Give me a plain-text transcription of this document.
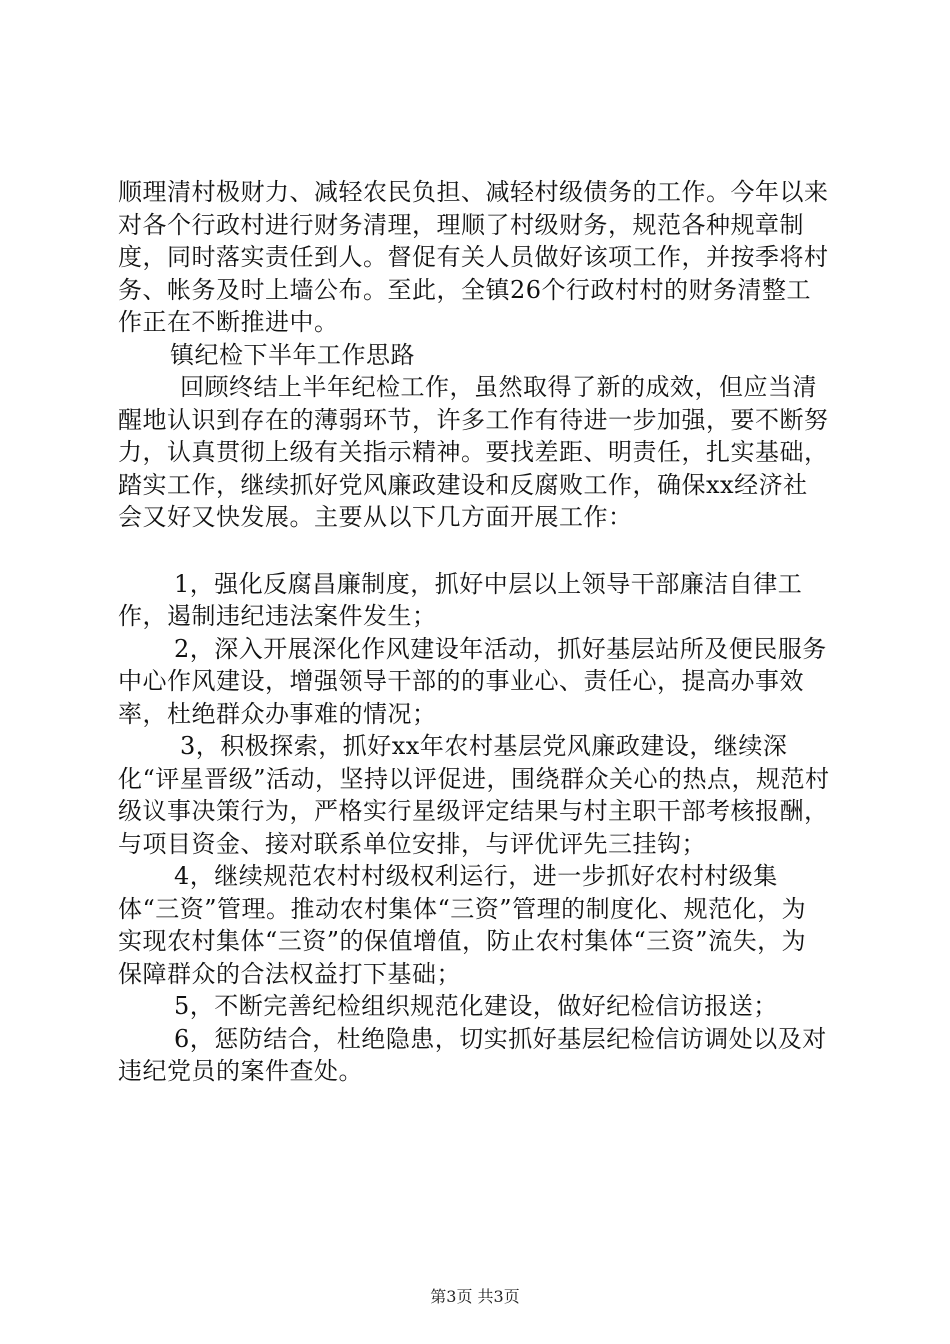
顺理清村极财力、减轻农民负担、减轻村级债务的工作。今年以来对各个行政村进行财务清理，理顺了村级财务，规范各种规章制度，同时落实责任到人。督促有关人员做好该项工作，并按季将村务、帐务及时上墙公布。至此，全镇26个行政村村的财务清整工作正在不断推进中。

镇纪检下半年工作思路

回顾终结上半年纪检工作，虽然取得了新的成效，但应当清醒地认识到存在的薄弱环节，许多工作有待进一步加强，要不断努力，认真贯彻上级有关指示精神。要找差距、明责任，扎实基础，踏实工作，继续抓好党风廉政建设和反腐败工作，确保xx经济社会又好又快发展。主要从以下几方面开展工作：

1，强化反腐昌廉制度，抓好中层以上领导干部廉洁自律工作，遏制违纪违法案件发生；

2，深入开展深化作风建设年活动，抓好基层站所及便民服务中心作风建设，增强领导干部的的事业心、责任心，提高办事效率，杜绝群众办事难的情况；

3，积极探索，抓好xx年农村基层党风廉政建设，继续深化“评星晋级”活动，坚持以评促进，围绕群众关心的热点，规范村级议事决策行为，严格实行星级评定结果与村主职干部考核报酬，与项目资金、接对联系单位安排，与评优评先三挂钩；

4，继续规范农村村级权利运行，进一步抓好农村村级集体“三资”管理。推动农村集体“三资”管理的制度化、规范化，为实现农村集体“三资”的保值增值，防止农村集体“三资”流失，为保障群众的合法权益打下基础；

5，不断完善纪检组织规范化建设，做好纪检信访报送；

6，惩防结合，杜绝隐患，切实抓好基层纪检信访调处以及对违纪党员的案件查处。

第3页 共3页
